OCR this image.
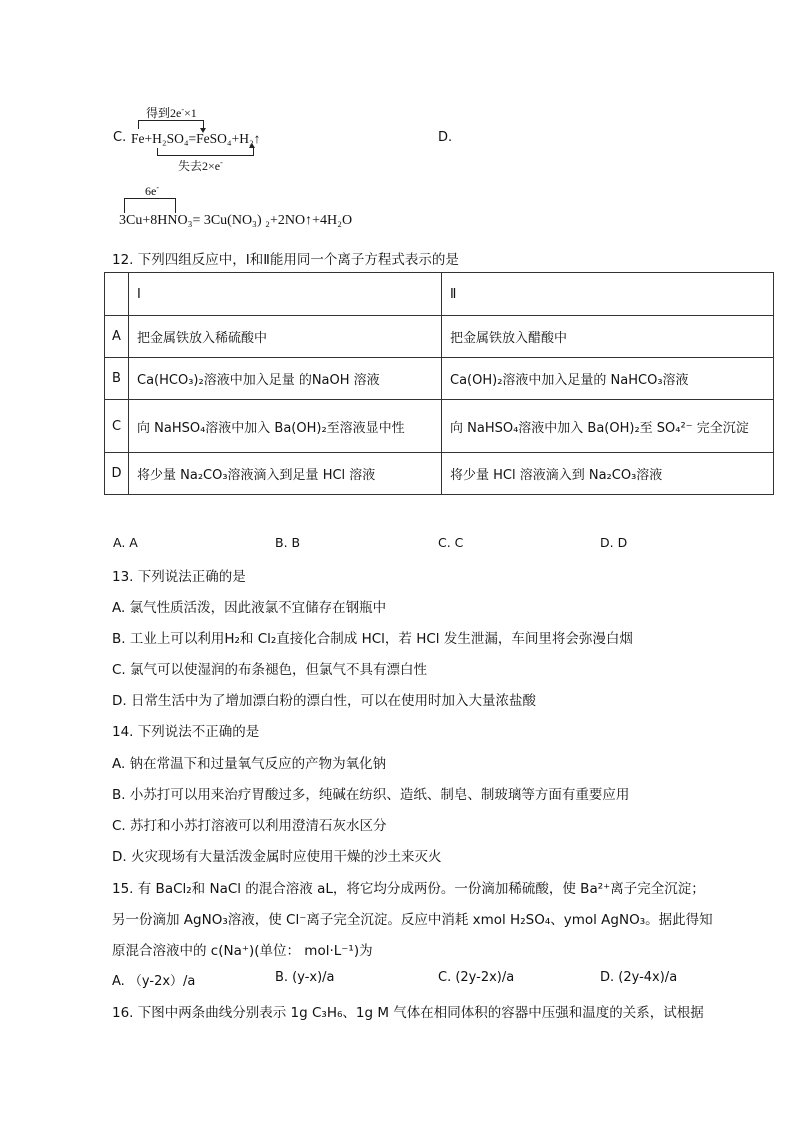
C.
得到2e-×1
Fe+H₂SO₄=FeSO₄+H₂↑
失去2×e-
D.
6e-
3Cu+8HNO₃= 3Cu(NO₃) ₂+2NO↑+4H₂O
12. 下列四组反应中，Ⅰ和Ⅱ能用同一个离子方程式表示的是
	Ⅰ	Ⅱ
A	把金属铁放入稀硫酸中	把金属铁放入醋酸中
B	Ca(HCO₃)₂溶液中加入足量 的NaOH 溶液	Ca(OH)₂溶液中加入足量的 NaHCO₃溶液
C	向 NaHSO₄溶液中加入 Ba(OH)₂至溶液显中性	向 NaHSO₄溶液中加入 Ba(OH)₂至 SO₄²⁻ 完全沉淀
D	将少量 Na₂CO₃溶液滴入到足量 HCl 溶液	将少量 HCl 溶液滴入到 Na₂CO₃溶液
A. A	B. B	C. C	D. D
13. 下列说法正确的是
A. 氯气性质活泼，因此液氯不宜储存在钢瓶中
B. 工业上可以利用H₂和 Cl₂直接化合制成 HCl，若 HCl 发生泄漏，车间里将会弥漫白烟
C. 氯气可以使湿润的布条褪色，但氯气不具有漂白性
D. 日常生活中为了增加漂白粉的漂白性，可以在使用时加入大量浓盐酸
14. 下列说法不正确的是
A. 钠在常温下和过量氧气反应的产物为氧化钠
B. 小苏打可以用来治疗胃酸过多，纯碱在纺织、造纸、制皂、制玻璃等方面有重要应用
C. 苏打和小苏打溶液可以利用澄清石灰水区分
D. 火灾现场有大量活泼金属时应使用干燥的沙土来灭火
15. 有 BaCl₂和 NaCl 的混合溶液 aL，将它均分成两份。一份滴加稀硫酸，使 Ba²⁺离子完全沉淀；
另一份滴加 AgNO₃溶液，使 Cl⁻离子完全沉淀。反应中消耗 xmol H₂SO₄、ymol AgNO₃。据此得知
原混合溶液中的 c(Na⁺)(单位： mol·L⁻¹)为
A. （y-2x）/a	B. (y-x)/a	C. (2y-2x)/a	D. (2y-4x)/a
16. 下图中两条曲线分别表示 1g C₃H₆、1g M 气体在相同体积的容器中压强和温度的关系，试根据
